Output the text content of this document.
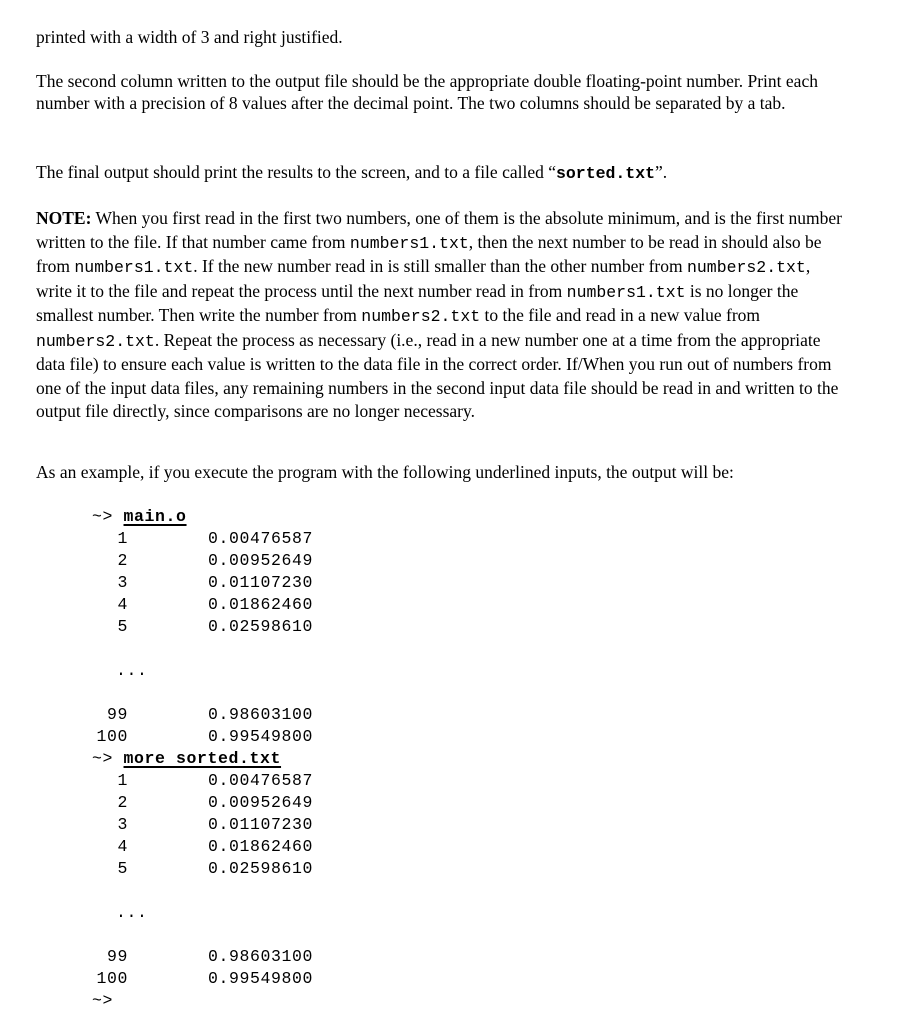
printed with a width of 3 and right justified.

The second column written to the output file should be the appropriate double floating-point number. Print each number with a precision of 8 values after the decimal point. The two columns should be separated by a tab.

The final output should print the results to the screen, and to a file called “sorted.txt”.

NOTE: When you first read in the first two numbers, one of them is the absolute minimum, and is the first number written to the file. If that number came from numbers1.txt, then the next number to be read in should also be from numbers1.txt. If the new number read in is still smaller than the other number from numbers2.txt, write it to the file and repeat the process until the next number read in from numbers1.txt is no longer the smallest number. Then write the number from numbers2.txt to the file and read in a new value from numbers2.txt. Repeat the process as necessary (i.e., read in a new number one at a time from the appropriate data file) to ensure each value is written to the data file in the correct order. If/When you run out of numbers from one of the input data files, any remaining numbers in the second input data file should be read in and written to the output file directly, since comparisons are no longer necessary.

As an example, if you execute the program with the following underlined inputs, the output will be:

~> main.o
1	0.00476587
2	0.00952649
3	0.01107230
4	0.01862460
5	0.02598610
...
99	0.98603100
100	0.99549800
~> more sorted.txt
1	0.00476587
2	0.00952649
3	0.01107230
4	0.01862460
5	0.02598610
...
99	0.98603100
100	0.99549800
~>
